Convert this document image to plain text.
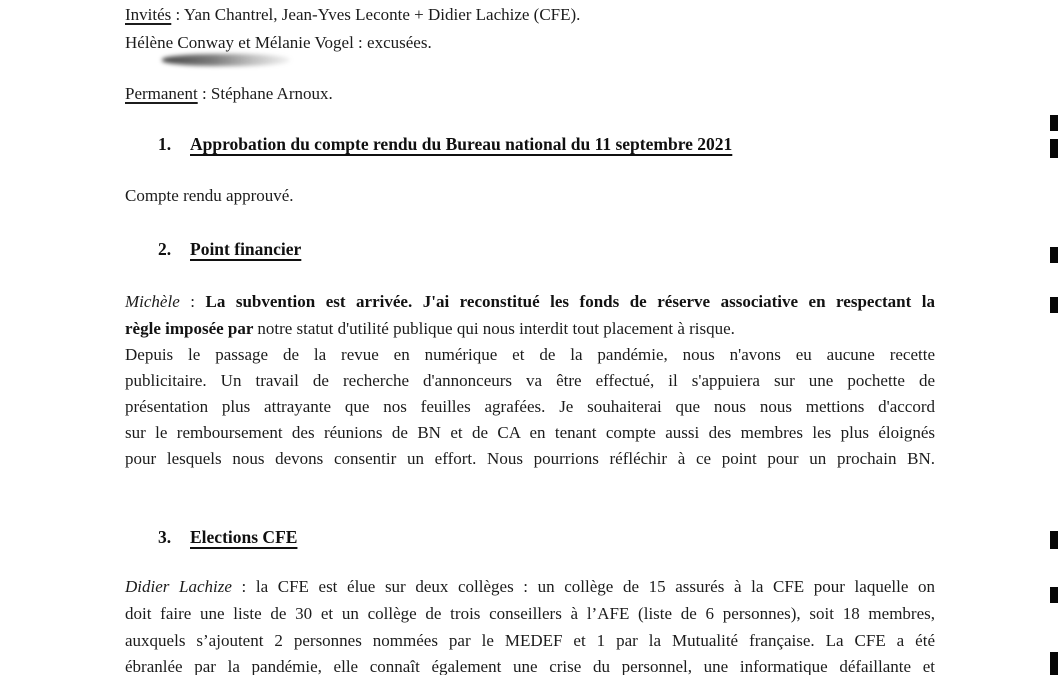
Invités : Yan Chantrel, Jean-Yves Leconte + Didier Lachize (CFE).
Hélène Conway et Mélanie Vogel : excusées.
Permanent : Stéphane Arnoux.
1. Approbation du compte rendu du Bureau national du 11 septembre 2021
Compte rendu approuvé.
2. Point financier
Michèle : La subvention est arrivée. J'ai reconstitué les fonds de réserve associative en respectant la
règle imposée par notre statut d'utilité publique qui nous interdit tout placement à risque.
Depuis le passage de la revue en numérique et de la pandémie, nous n'avons eu aucune recette
publicitaire. Un travail de recherche d'annonceurs va être effectué, il s'appuiera sur une pochette de
présentation plus attrayante que nos feuilles agrafées. Je souhaiterai que nous nous mettions d'accord
sur le remboursement des réunions de BN et de CA en tenant compte aussi des membres les plus éloignés
pour lesquels nous devons consentir un effort. Nous pourrions réfléchir à ce point pour un prochain BN.
3. Elections CFE
Didier Lachize : la CFE est élue sur deux collèges : un collège de 15 assurés à la CFE pour laquelle on
doit faire une liste de 30 et un collège de trois conseillers à l’AFE (liste de 6 personnes), soit 18 membres,
auxquels s’ajoutent 2 personnes nommées par le MEDEF et 1 par la Mutualité française. La CFE a été
ébranlée par la pandémie, elle connaît également une crise du personnel, une informatique défaillante et
